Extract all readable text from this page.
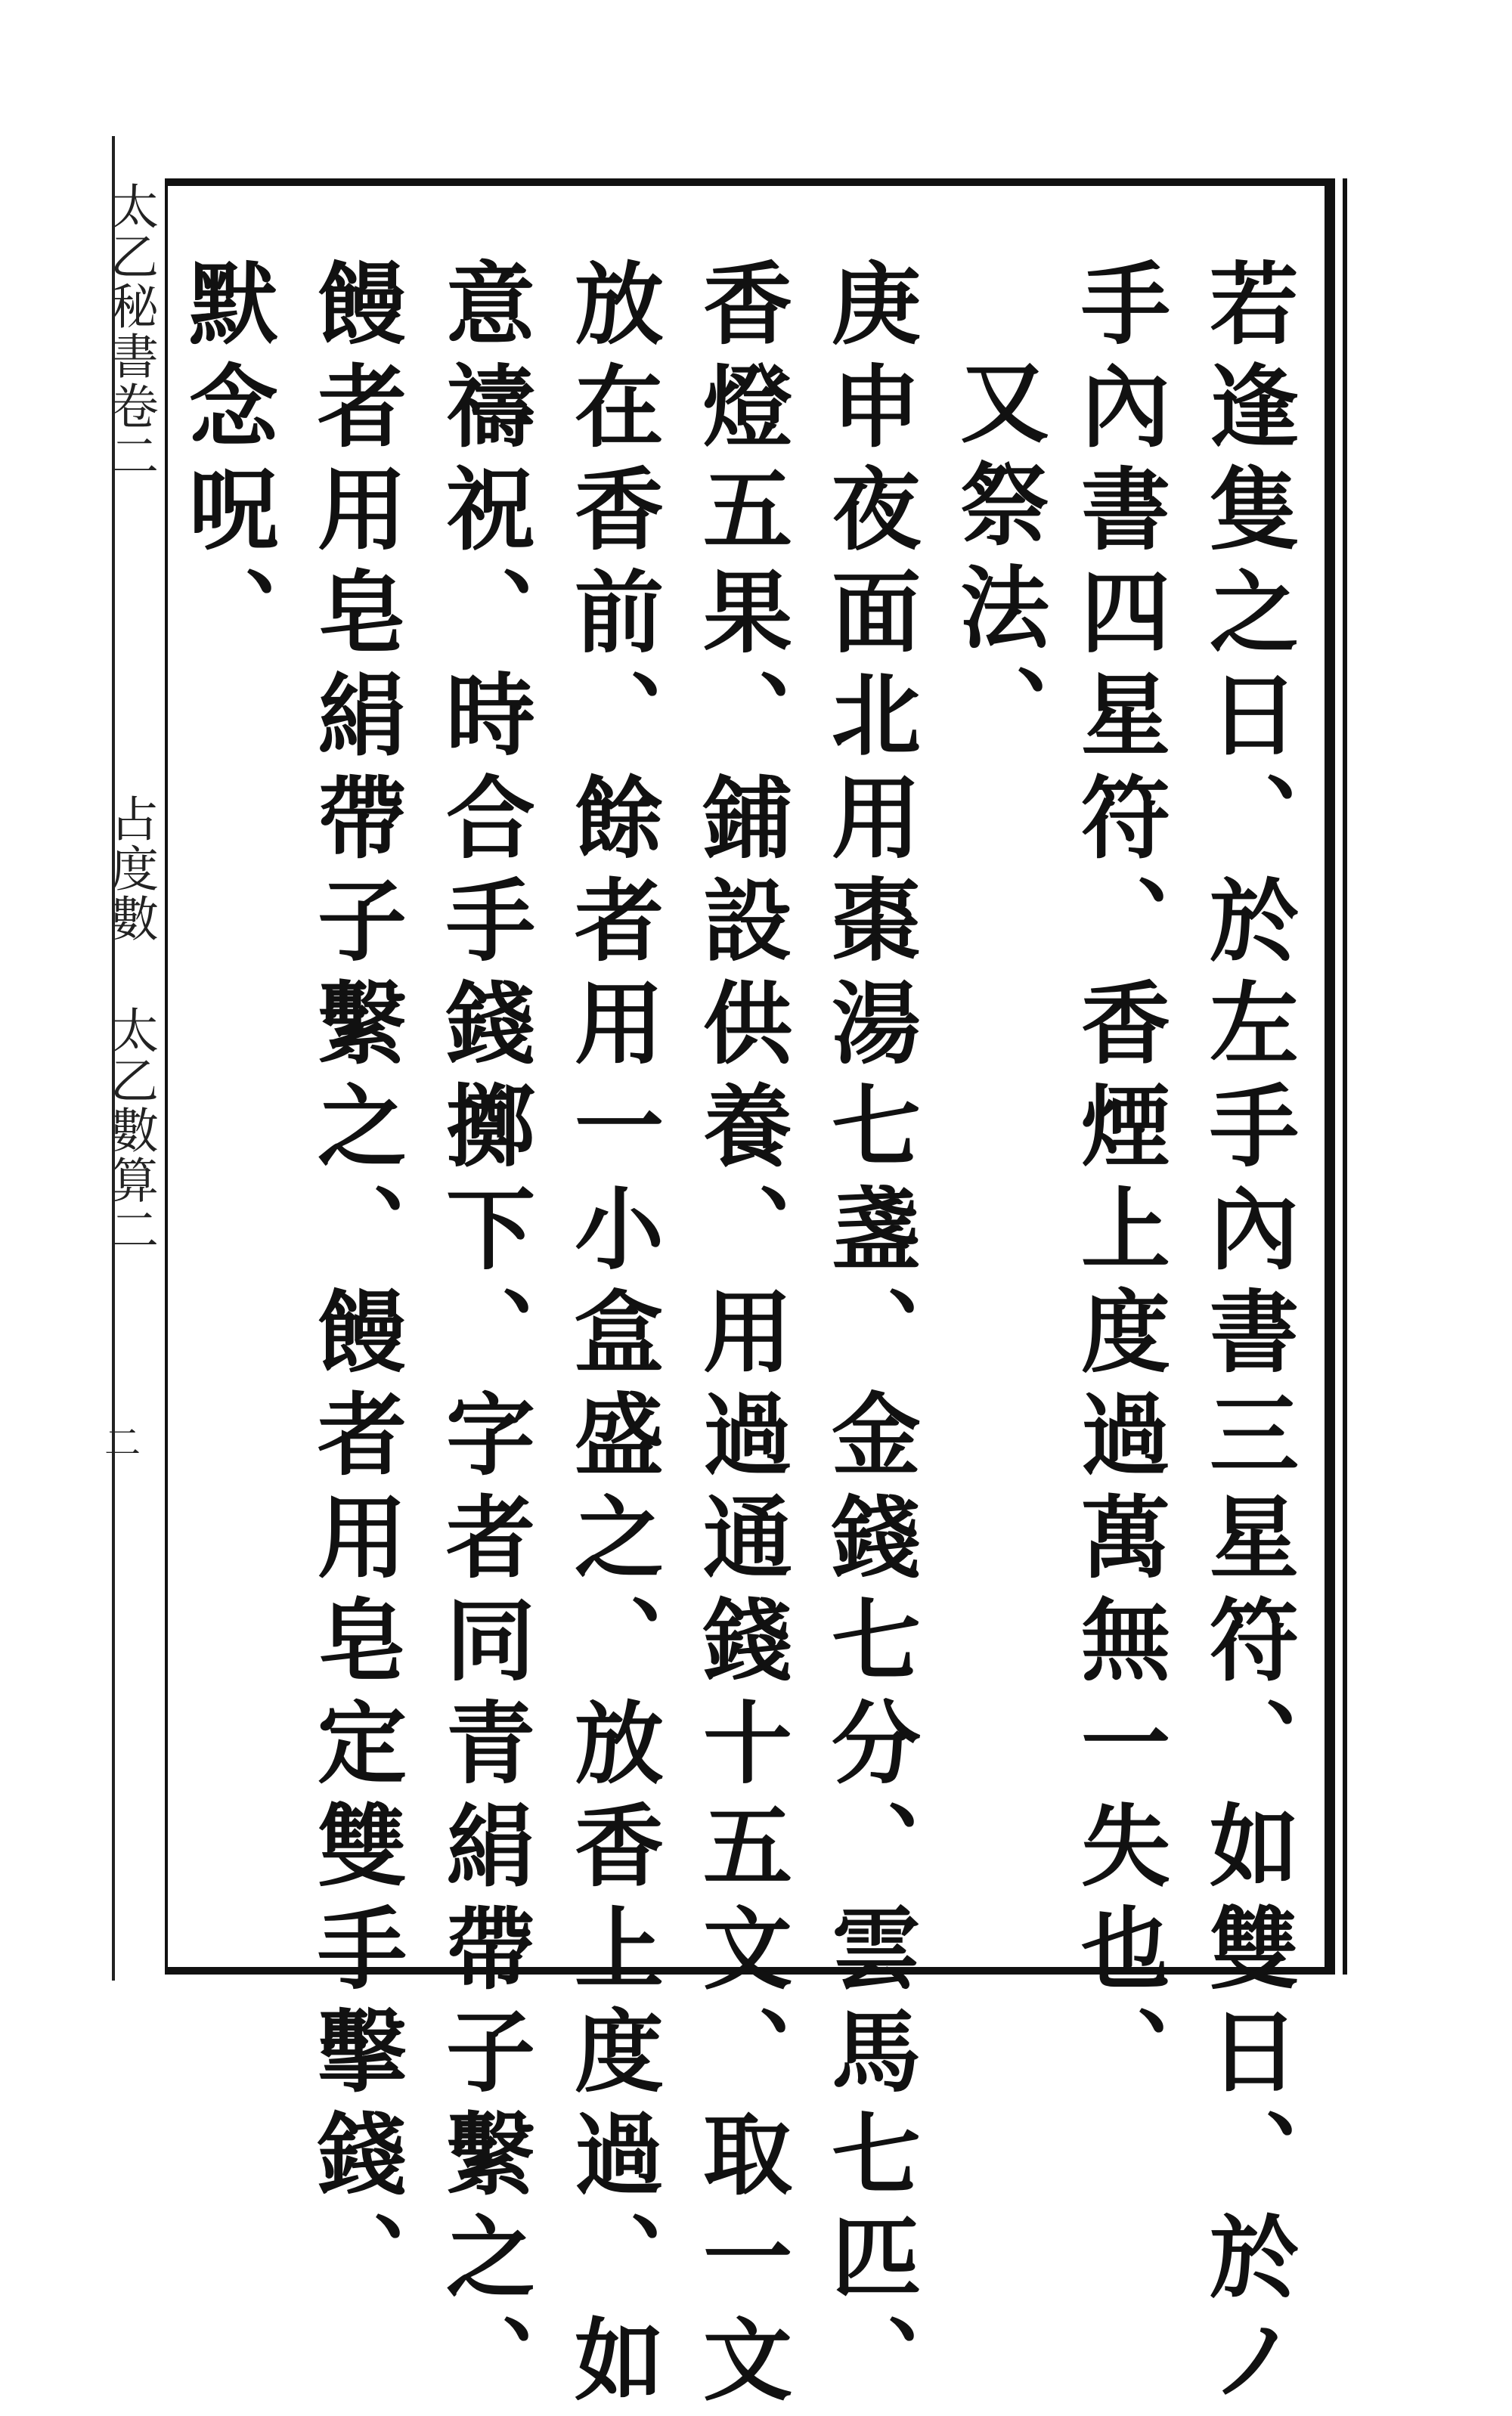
太乙秘書卷二
占度數
太乙數算二
二	若逢隻之日、於左手內書三星符、如雙日、於ノ
手內書四星符、香煙上度過萬無一失也、
又祭法、
庚申夜面北用棗湯七盞、金錢七分、雲馬七匹、
香燈五果、鋪設供養、用過通錢十五文、取一文
放在香前、餘者用一小盒盛之、放香上度過、如
意禱祝、時合手錢擲下、字者同青絹帶子繫之、
饅者用皂絹帶子繫之、饅者用皂定雙手擊錢、
默念呪、
